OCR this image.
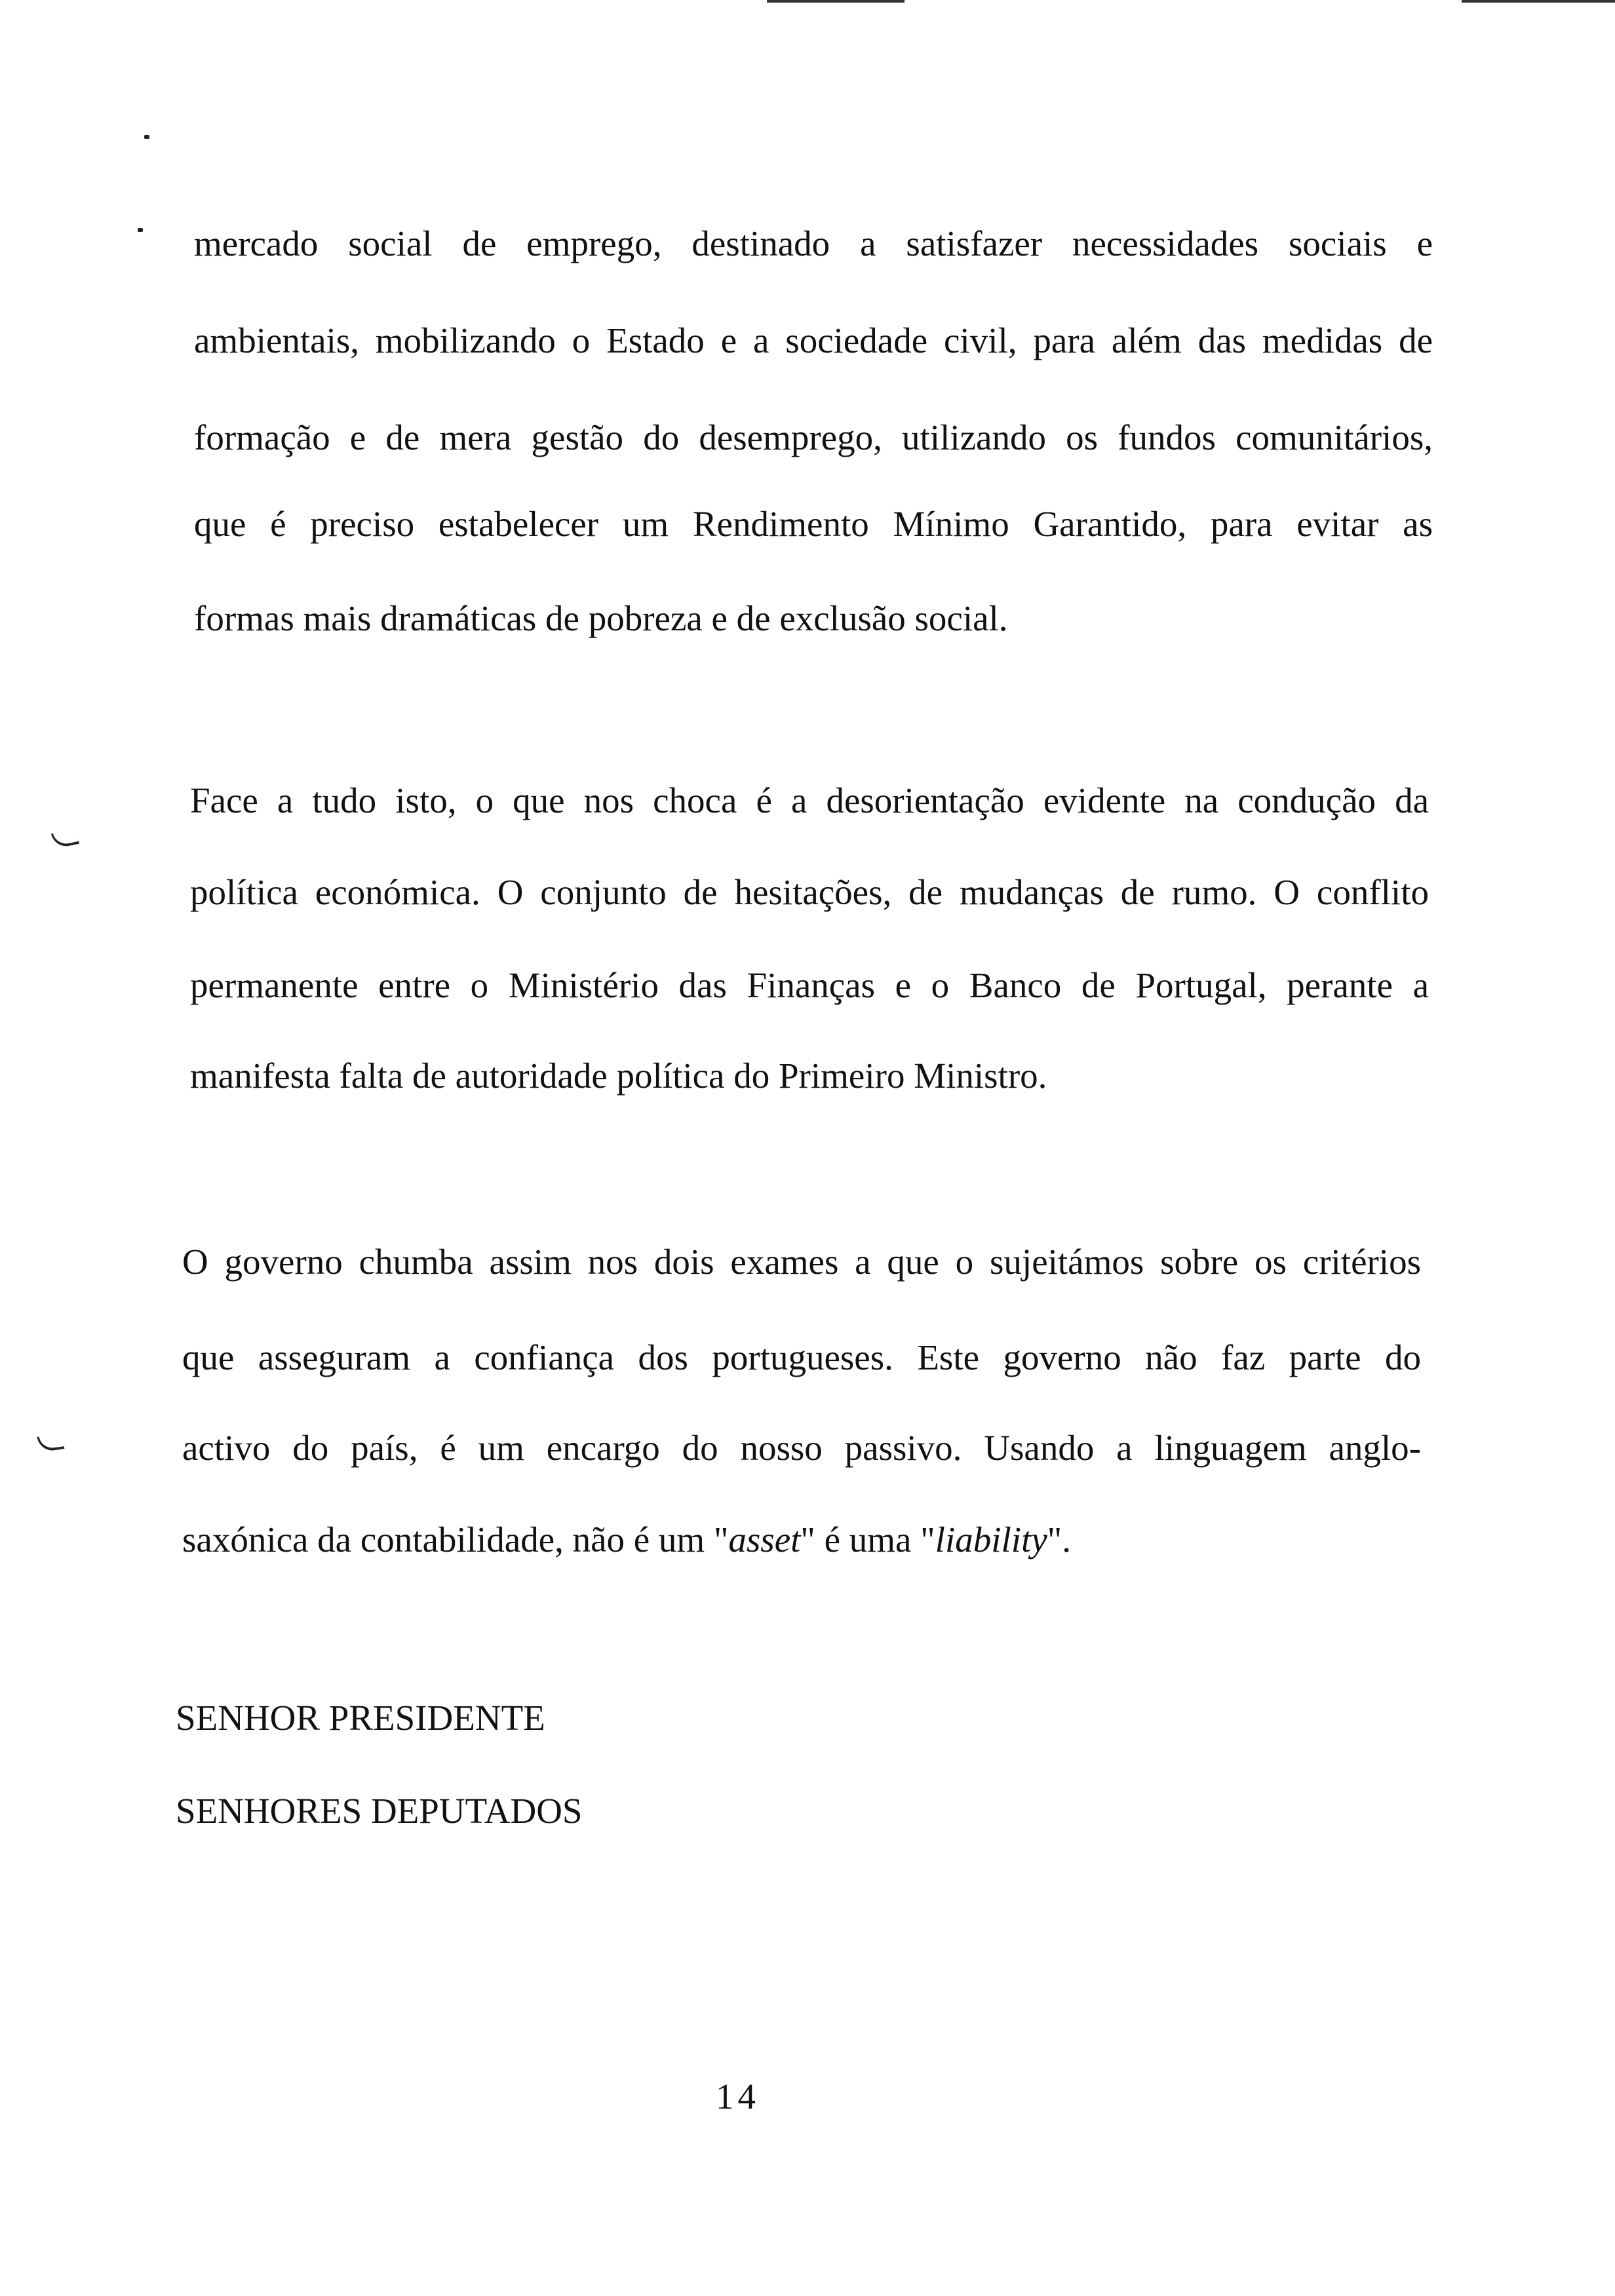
mercado social de emprego, destinado a satisfazer necessidades sociais e
ambientais, mobilizando o Estado e a sociedade civil, para além das medidas de
formação e de mera gestão do desemprego, utilizando os fundos comunitários,
que é preciso estabelecer um Rendimento Mínimo Garantido, para evitar as
formas mais dramáticas de pobreza e de exclusão social.
Face a tudo isto, o que nos choca é a desorientação evidente na condução da
política económica. O conjunto de hesitações, de mudanças de rumo. O conflito
permanente entre o Ministério das Finanças e o Banco de Portugal, perante a
manifesta falta de autoridade política do Primeiro Ministro.
O governo chumba assim nos dois exames a que o sujeitámos sobre os critérios
que asseguram a confiança dos portugueses. Este governo não faz parte do
activo do país, é um encargo do nosso passivo. Usando a linguagem anglo-
saxónica da contabilidade, não é um "asset" é uma "liability".
SENHOR PRESIDENTE
SENHORES DEPUTADOS
14
